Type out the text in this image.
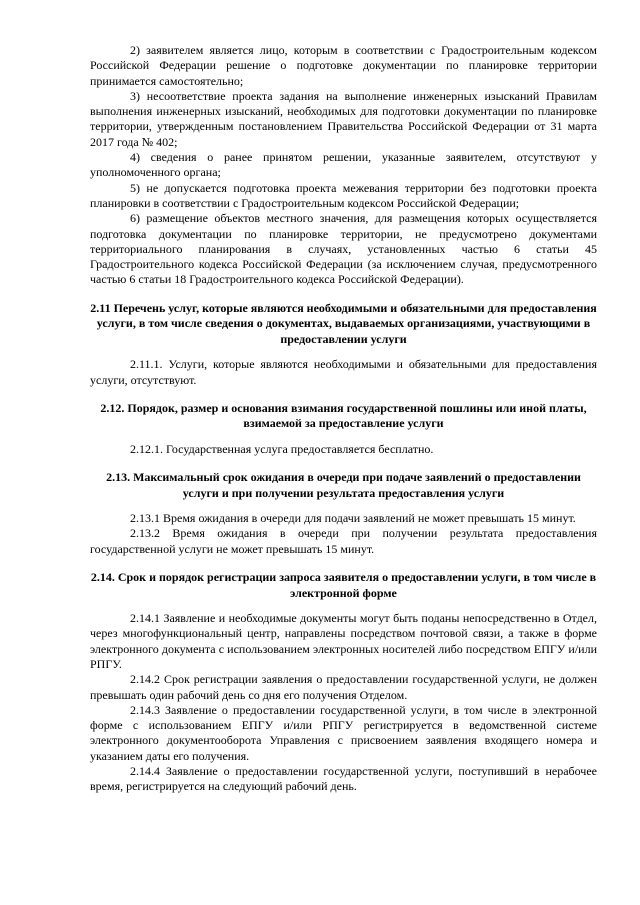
2) заявителем является лицо, которым в соответствии с Градостроительным кодексом Российской Федерации решение о подготовке документации по планировке территории принимается самостоятельно;

3) несоответствие проекта задания на выполнение инженерных изысканий Правилам выполнения инженерных изысканий, необходимых для подготовки документации по планировке территории, утвержденным постановлением Правительства Российской Федерации от 31 марта 2017 года № 402;

4) сведения о ранее принятом решении, указанные заявителем, отсутствуют у уполномоченного органа;

5) не допускается подготовка проекта межевания территории без подготовки проекта планировки в соответствии с Градостроительным кодексом Российской Федерации;

6) размещение объектов местного значения, для размещения которых осуществляется подготовка документации по планировке территории, не предусмотрено документами территориального планирования в случаях, установленных частью 6 статьи 45 Градостроительного кодекса Российской Федерации (за исключением случая, предусмотренного частью 6 статьи 18 Градостроительного кодекса Российской Федерации).

2.11 Перечень услуг, которые являются необходимыми и обязательными для предоставления услуги, в том числе сведения о документах, выдаваемых организациями, участвующими в предоставлении услуги

2.11.1. Услуги, которые являются необходимыми и обязательными для предоставления услуги, отсутствуют.

2.12. Порядок, размер и основания взимания государственной пошлины или иной платы, взимаемой за предоставление услуги

2.12.1. Государственная услуга предоставляется бесплатно.

2.13. Максимальный срок ожидания в очереди при подаче заявлений о предоставлении услуги и при получении результата предоставления услуги

2.13.1 Время ожидания в очереди для подачи заявлений не может превышать 15 минут.

2.13.2 Время ожидания в очереди при получении результата предоставления государственной услуги не может превышать 15 минут.

2.14. Срок и порядок регистрации запроса заявителя о предоставлении услуги, в том числе в электронной форме

2.14.1 Заявление и необходимые документы могут быть поданы непосредственно в Отдел, через многофункциональный центр, направлены посредством почтовой связи, а также в форме электронного документа с использованием электронных носителей либо посредством ЕПГУ и/или РПГУ.

2.14.2 Срок регистрации заявления о предоставлении государственной услуги, не должен превышать один рабочий день со дня его получения Отделом.

2.14.3 Заявление о предоставлении государственной услуги, в том числе в электронной форме с использованием ЕПГУ и/или РПГУ регистрируется в ведомственной системе электронного документооборота Управления с присвоением заявления входящего номера и указанием даты его получения.

2.14.4 Заявление о предоставлении государственной услуги, поступивший в нерабочее время, регистрируется на следующий рабочий день.
